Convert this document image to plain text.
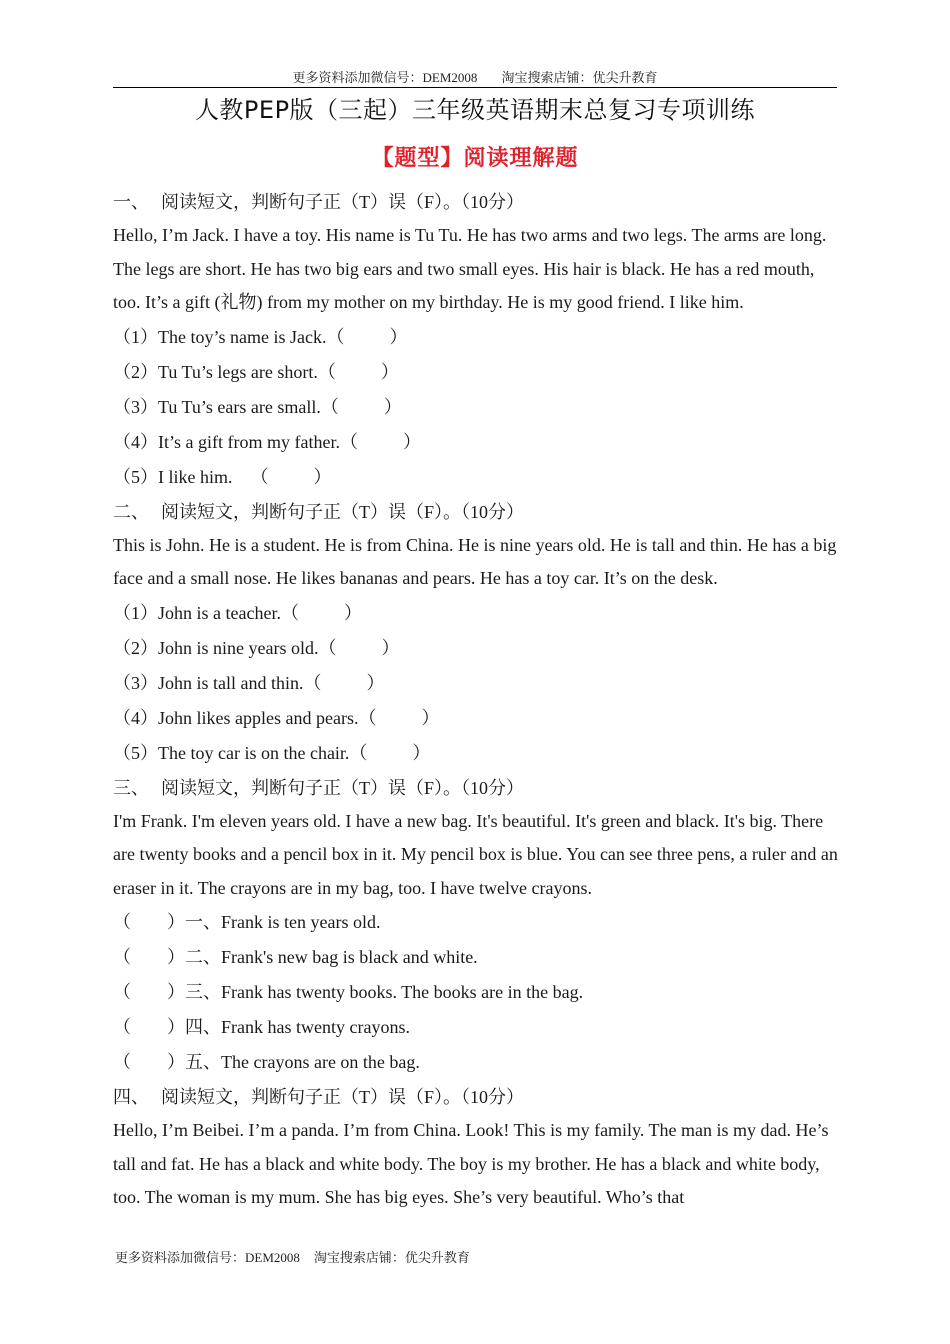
更多资料添加微信号：DEM2008 淘宝搜索店铺：优尖升教育
人教PEP版（三起）三年级英语期末总复习专项训练
【题型】阅读理解题
一、 阅读短文，判断句子正（T）误（F）。（10分）

Hello, I’m Jack. I have a toy. His name is Tu Tu. He has two arms and two legs. The arms are long. The legs are short. He has two big ears and two small eyes. His hair is black. He has a red mouth, too. It’s a gift (礼物) from my mother on my birthday. He is my good friend. I like him.

（1）The toy’s name is Jack.（          ）
（2）Tu Tu’s legs are short.（          ）
（3）Tu Tu’s ears are small.（          ）
（4）It’s a gift from my father.（          ）
（5）I like him.    （          ）
二、 阅读短文，判断句子正（T）误（F）。（10分）

This is John. He is a student. He is from China. He is nine years old. He is tall and thin. He has a big face and a small nose. He likes bananas and pears. He has a toy car. It’s on the desk.

（1）John is a teacher.（          ）
（2）John is nine years old.（          ）
（3）John is tall and thin.（          ）
（4）John likes apples and pears.（          ）
（5）The toy car is on the chair.（          ）
三、 阅读短文，判断句子正（T）误（F）。（10分）

I'm Frank. I'm eleven years old. I have a new bag. It's beautiful. It's green and black. It's big. There are twenty books and a pencil box in it. My pencil box is blue. You can see three pens, a ruler and an eraser in it. The crayons are in my bag, too. I have twelve crayons.

（        ）一、Frank is ten years old.
（        ）二、Frank's new bag is black and white.
（        ）三、Frank has twenty books. The books are in the bag.
（        ）四、Frank has twenty crayons.
（        ）五、The crayons are on the bag.
四、 阅读短文，判断句子正（T）误（F）。（10分）

Hello, I’m Beibei. I’m a panda. I’m from China. Look! This is my family. The man is my dad. He’s tall and fat. He has a black and white body. The boy is my brother. He has a black and white body, too. The woman is my mum. She has big eyes. She’s very beautiful. Who’s that

更多资料添加微信号：DEM2008 淘宝搜索店铺：优尖升教育
